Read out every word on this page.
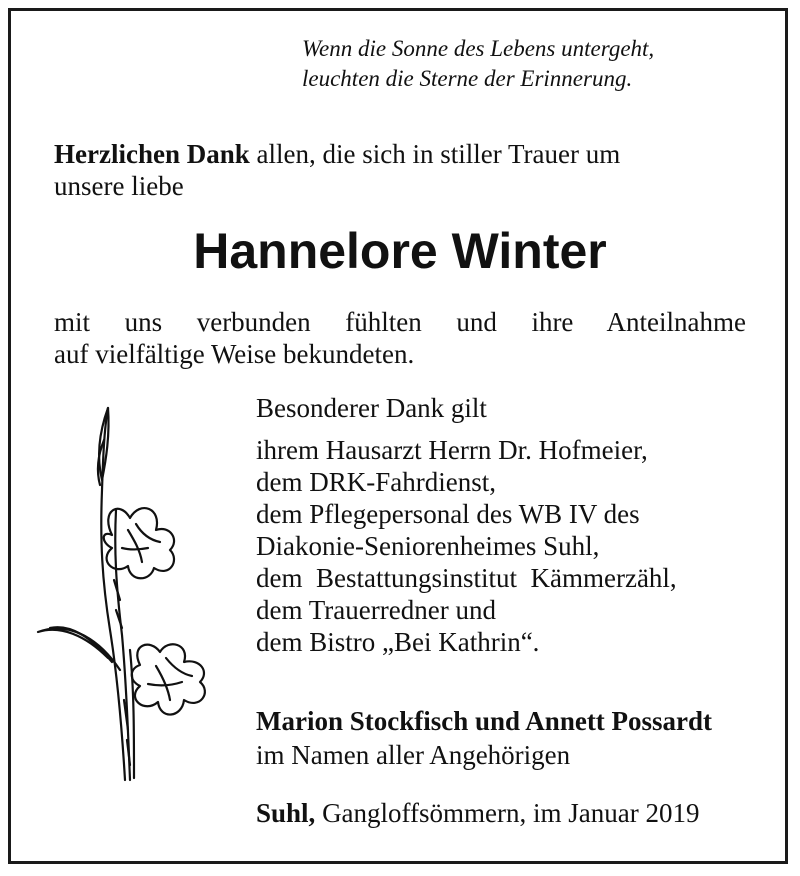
Wenn die Sonne des Lebens untergeht,
leuchten die Sterne der Erinnerung.
Herzlichen Dank allen, die sich in stiller Trauer um
unsere liebe
Hannelore Winter
mit uns verbunden fühlten und ihre Anteilnahme
auf vielfältige Weise bekundeten.
Besonderer Dank gilt
ihrem Hausarzt Herrn Dr. Hofmeier,
dem DRK-Fahrdienst,
dem Pflegepersonal des WB IV des
Diakonie-Seniorenheimes Suhl,
dem  Bestattungsinstitut  Kämmerzähl,
dem Trauerredner und
dem Bistro „Bei Kathrin“.
Marion Stockfisch und Annett Possardt
im Namen aller Angehörigen
Suhl, Gangloffsömmern, im Januar 2019
